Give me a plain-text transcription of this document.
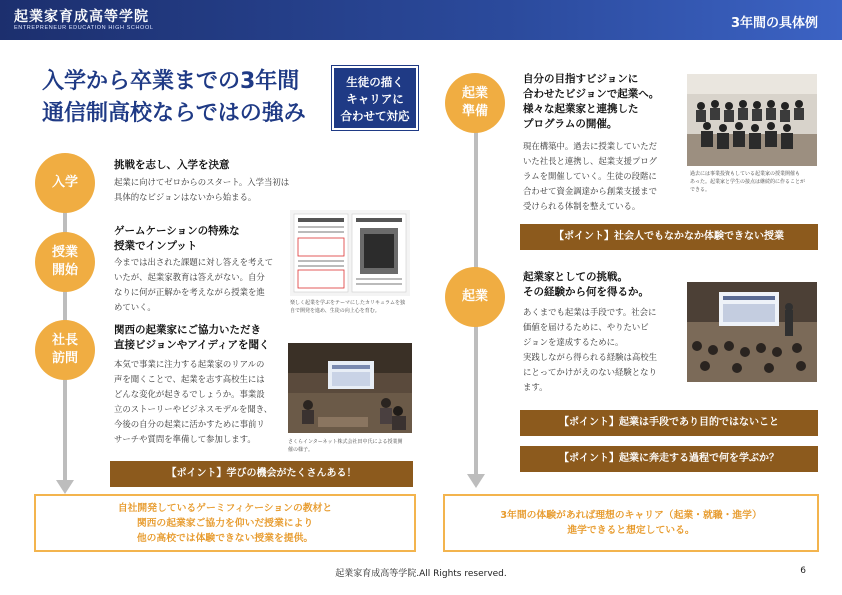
起業家育成高等学院
ENTREPRENEUR EDUCATION HIGH SCHOOL	3年間の具体例
入学から卒業までの3年間
通信制高校ならではの強み
生徒の描く
キャリアに
合わせて対応
入学
挑戦を志し、入学を決意
起業に向けてゼロからのスタート。入学当初は
具体的なビジョンはないから始まる。
授業
開始
ゲームケーションの特殊な
授業でインプット
今までは出された課題に対し答えを考えて
いたが、起業家教育は答えがない。自分
なりに何が正解かを考えながら授業を進
めていく。	楽しく起業を学ぶをテーマにしたカリキュラムを独
自で開発を進め、生徒の向上心を育む。
社長
訪問
関西の起業家にご協力いただき
直接ビジョンやアイディアを聞く
本気で事業に注力する起業家のリアルの
声を聞くことで、起業を志す高校生には
どんな変化が起きるでしょうか。事業設
立のストーリーやビジネスモデルを聞き、
今後の自分の起業に活かすために事前リ
サーチや質問を準備して参加します。	さくらインターネット株式会社田中氏による授業開
催の様子。
【ポイント】学びの機会がたくさんある！
自社開発しているゲーミフィケーションの教材と
関西の起業家ご協力を仰いだ授業により
他の高校では体験できない授業を提供。
起業
準備
自分の目指すビジョンに
合わせたビジョンで起業へ。
様々な起業家と連携した
プログラムの開催。
現在構築中。過去に授業していただ
いた社長と連携し、起業支援プログ
ラムを開催していく。生徒の段階に
合わせて資金調達から創業支援まで
受けられる体制を整えている。
過去には事業投資もしている起業家の授業開催も
あった。起業家と学生の接点は継続的に作ることが
できる。
【ポイント】社会人でもなかなか体験できない授業
起業
起業家としての挑戦。
その経験から何を得るか。
あくまでも起業は手段です。社会に
価値を届けるために、やりたいビ
ジョンを達成するために。
実践しながら得られる経験は高校生
にとってかけがえのない経験となり
ます。
【ポイント】起業は手段であり目的ではないこと
【ポイント】起業に奔走する過程で何を学ぶか？
3年間の体験があれば理想のキャリア（起業・就職・進学）
進学できると想定している。
起業家育成高等学院.All Rights reserved.	6
